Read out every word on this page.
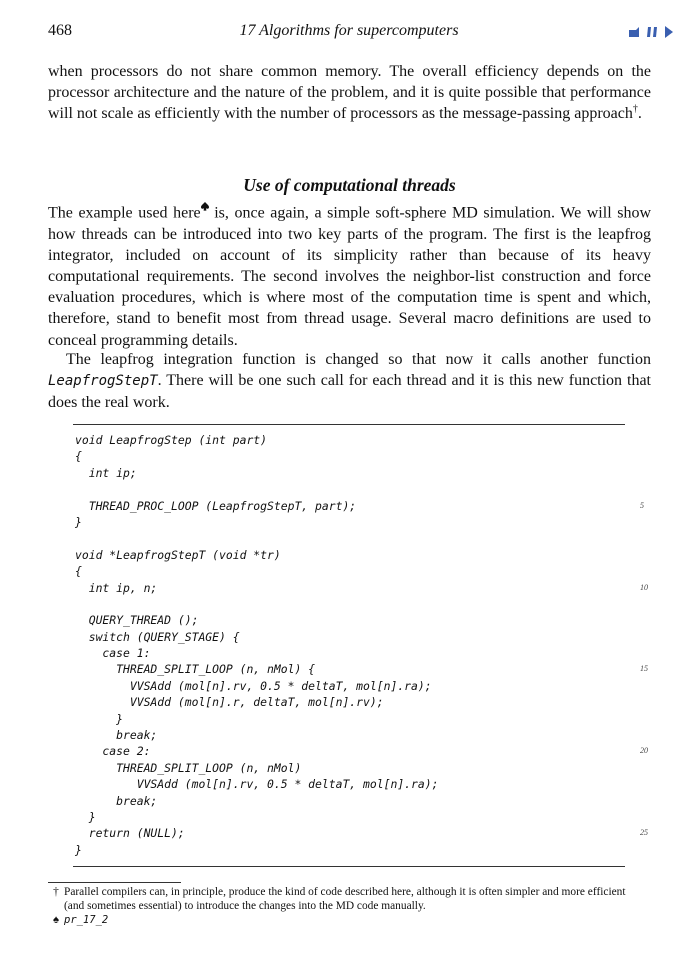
468	17 Algorithms for supercomputers

when processors do not share common memory. The overall efficiency depends on the processor architecture and the nature of the problem, and it is quite possible that performance will not scale as efficiently with the number of processors as the message-passing approach†.

Use of computational threads

The example used here is, once again, a simple soft-sphere MD simulation. We will show how threads can be introduced into two key parts of the program. The first is the leapfrog integrator, included on account of its simplicity rather than because of its heavy computational requirements. The second involves the neighbor-list construction and force evaluation procedures, which is where most of the computation time is spent and which, therefore, stand to benefit most from thread usage. Several macro definitions are used to conceal programming details.

The leapfrog integration function is changed so that now it calls another function LeapfrogStepT. There will be one such call for each thread and it is this new function that does the real work.

void LeapfrogStep (int part)
{
int ip;
THREAD_PROC_LOOP (LeapfrogStepT, part);	5
}
void *LeapfrogStepT (void *tr)
{
int ip, n;	10
QUERY_THREAD ();
switch (QUERY_STAGE) {
case 1:
THREAD_SPLIT_LOOP (n, nMol) {	15
VVSAdd (mol[n].rv, 0.5 * deltaT, mol[n].ra);
VVSAdd (mol[n].r, deltaT, mol[n].rv);
}
break;
case 2:	20
THREAD_SPLIT_LOOP (n, nMol)
VVSAdd (mol[n].rv, 0.5 * deltaT, mol[n].ra);
break;
}
return (NULL);	25
}

† Parallel compilers can, in principle, produce the kind of code described here, although it is often simpler and more efficient (and sometimes essential) to introduce the changes into the MD code manually.

♠ pr_17_2
